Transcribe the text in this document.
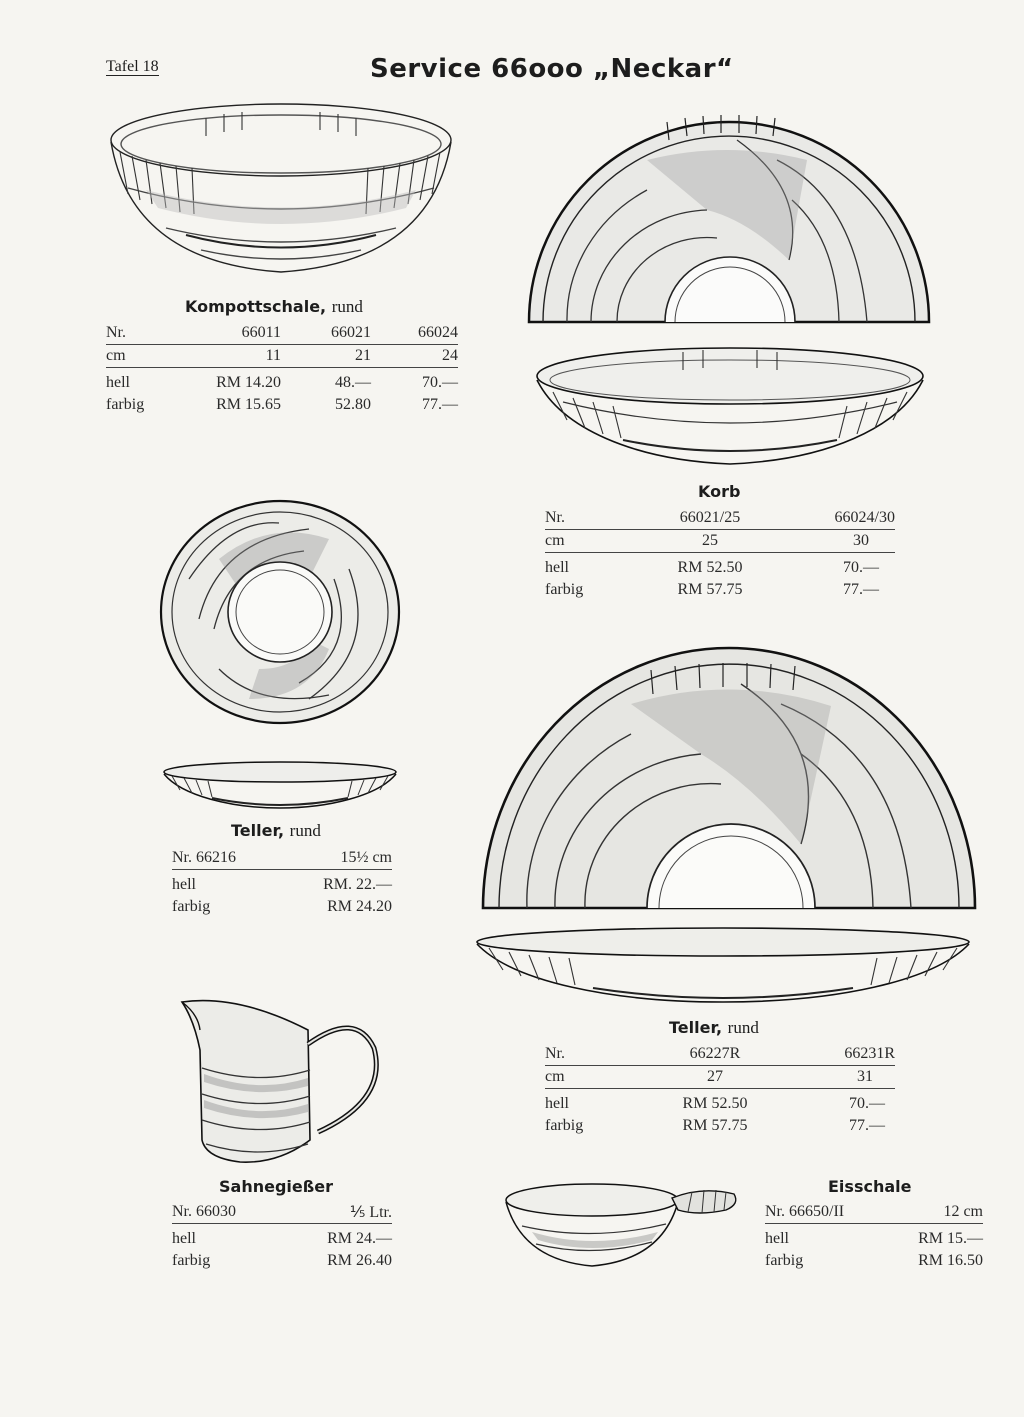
Tafel 18	Service 66ooo „Neckar“
Kompottschale, rund
Nr.	66011	66021	66024
cm	11	21	24
hell	RM 14.20	48.—	70.—
farbig	RM 15.65	52.80	77.—
Korb
Nr.	66021/25	66024/30
cm	25	30
hell	RM 52.50	70.—
farbig	RM 57.75	77.—
Teller, rund
Nr. 66216	15½ cm
hell	RM. 22.—
farbig	RM 24.20
Teller, rund
Nr.	66227R	66231R
cm	27	31
hell	RM 52.50	70.—
farbig	RM 57.75	77.—
Sahnegießer
Nr. 66030	⅕ Ltr.
hell	RM 24.—
farbig	RM 26.40
Eisschale
Nr. 66650/II	12 cm
hell	RM 15.—
farbig	RM 16.50
